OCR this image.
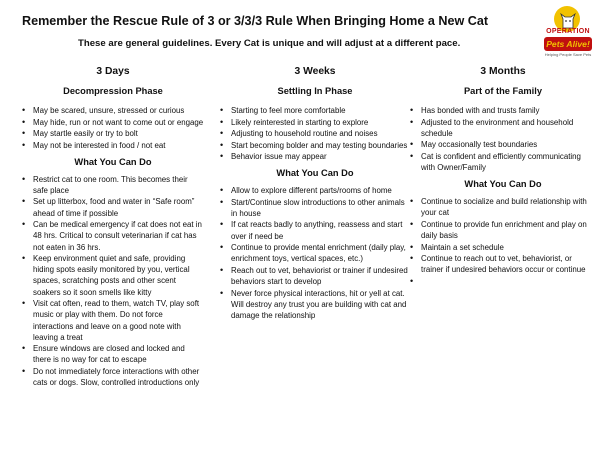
Remember the Rescue Rule of 3 or 3/3/3 Rule When Bringing Home a New Cat
These are general guidelines. Every Cat is unique and will adjust at a different pace.
OPERATION
Pets Alive!
Helping People Save Pets
3 Days
Decompression Phase
• May be scared, unsure, stressed or curious
• May hide, run or not want to come out or engage
• May startle easily or try to bolt
• May not be interested in food / not eat
What You Can Do
• Restrict cat to one room. This becomes their safe place
• Set up litterbox, food and water in “Safe room” ahead of time if possible
• Can be medical emergency if cat does not eat in 48 hrs. Critical to consult veterinarian if cat has not eaten in 36 hrs.
• Keep environment quiet and safe, providing hiding spots easily monitored by you, vertical spaces, scratching posts and other scent soakers so it soon smells like kitty
• Visit cat often, read to them, watch TV, play soft music or play with them. Do not force interactions and leave on a good note with leaving a treat
• Ensure windows are closed and locked and there is no way for cat to escape
• Do not immediately force interactions with other cats or dogs. Slow, controlled introductions only
3 Weeks
Settling In Phase
• Starting to feel more comfortable
• Likely reinterested in starting to explore
• Adjusting to household routine and noises
• Start becoming bolder and may testing boundaries
• Behavior issue may appear
What You Can Do
• Allow to explore different parts/rooms of home
• Start/Continue slow introductions to other animals in house
• If cat reacts badly to anything, reassess and start over if need be
• Continue to provide mental enrichment (daily play, enrichment toys, vertical spaces, etc.)
• Reach out to vet, behaviorist or trainer if undesired behaviors start to develop
• Never force physical interactions, hit or yell at cat. Will destroy any trust you are building with cat and damage the relationship
3 Months
Part of the Family
• Has bonded with and trusts family
• Adjusted to the environment and household schedule
• May occasionally test boundaries
• Cat is confident and efficiently communicating with Owner/Family
What You Can Do
• Continue to socialize and build relationship with your cat
• Continue to provide fun enrichment and play on daily basis
• Maintain a set schedule
• Continue to reach out to vet, behaviorist, or trainer if undesired behaviors occur or continue
